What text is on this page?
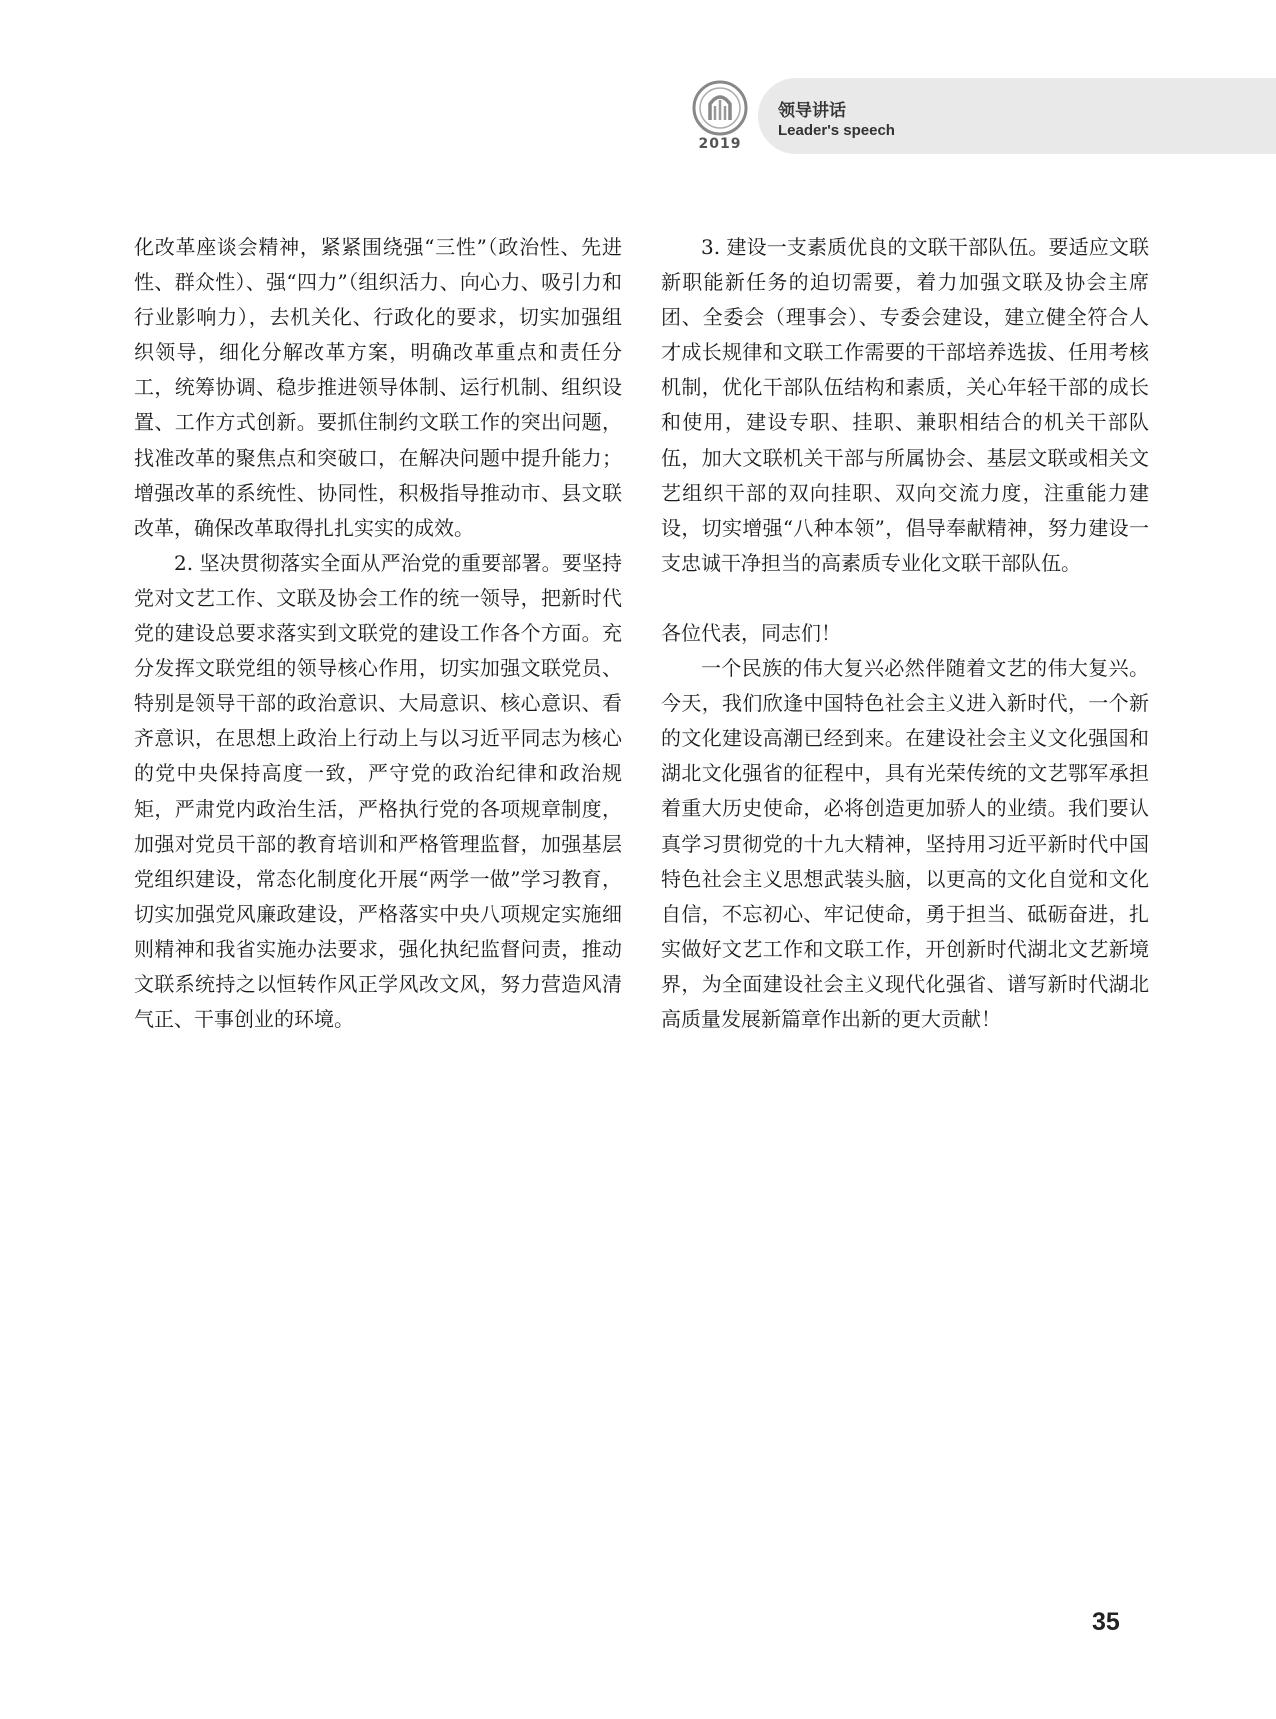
2019
领导讲话
Leader's speech

化改革座谈会精神，紧紧围绕强“三性”（政治性、先进性、群众性）、强“四力”（组织活力、向心力、吸引力和行业影响力），去机关化、行政化的要求，切实加强组织领导，细化分解改革方案，明确改革重点和责任分工，统筹协调、稳步推进领导体制、运行机制、组织设置、工作方式创新。要抓住制约文联工作的突出问题，找准改革的聚焦点和突破口，在解决问题中提升能力；增强改革的系统性、协同性，积极指导推动市、县文联改革，确保改革取得扎扎实实的成效。

2. 坚决贯彻落实全面从严治党的重要部署。要坚持党对文艺工作、文联及协会工作的统一领导，把新时代党的建设总要求落实到文联党的建设工作各个方面。充分发挥文联党组的领导核心作用，切实加强文联党员、特别是领导干部的政治意识、大局意识、核心意识、看齐意识，在思想上政治上行动上与以习近平同志为核心的党中央保持高度一致，严守党的政治纪律和政治规矩，严肃党内政治生活，严格执行党的各项规章制度，加强对党员干部的教育培训和严格管理监督，加强基层党组织建设，常态化制度化开展“两学一做”学习教育，切实加强党风廉政建设，严格落实中央八项规定实施细则精神和我省实施办法要求，强化执纪监督问责，推动文联系统持之以恒转作风正学风改文风，努力营造风清气正、干事创业的环境。

3. 建设一支素质优良的文联干部队伍。要适应文联新职能新任务的迫切需要，着力加强文联及协会主席团、全委会（理事会）、专委会建设，建立健全符合人才成长规律和文联工作需要的干部培养选拔、任用考核机制，优化干部队伍结构和素质，关心年轻干部的成长和使用，建设专职、挂职、兼职相结合的机关干部队伍，加大文联机关干部与所属协会、基层文联或相关文艺组织干部的双向挂职、双向交流力度，注重能力建设，切实增强“八种本领”，倡导奉献精神，努力建设一支忠诚干净担当的高素质专业化文联干部队伍。

各位代表，同志们！

一个民族的伟大复兴必然伴随着文艺的伟大复兴。今天，我们欣逢中国特色社会主义进入新时代，一个新的文化建设高潮已经到来。在建设社会主义文化强国和湖北文化强省的征程中，具有光荣传统的文艺鄂军承担着重大历史使命，必将创造更加骄人的业绩。我们要认真学习贯彻党的十九大精神，坚持用习近平新时代中国特色社会主义思想武装头脑，以更高的文化自觉和文化自信，不忘初心、牢记使命，勇于担当、砥砺奋进，扎实做好文艺工作和文联工作，开创新时代湖北文艺新境界，为全面建设社会主义现代化强省、谱写新时代湖北高质量发展新篇章作出新的更大贡献！

35
